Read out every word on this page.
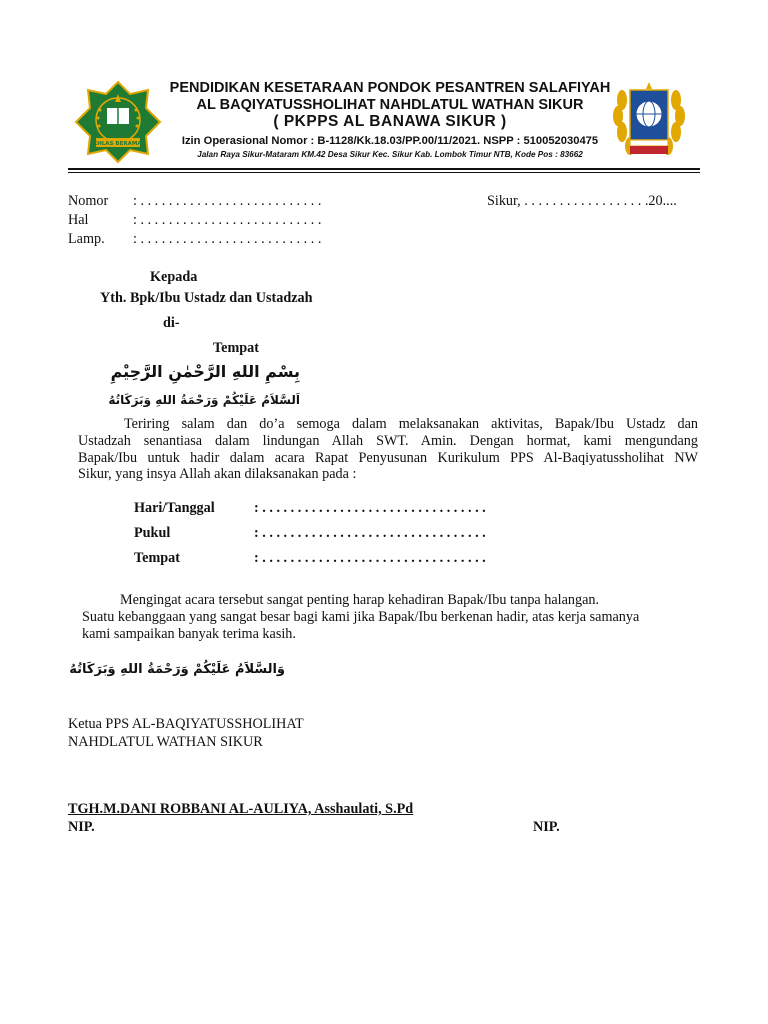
IKHLAS BERAMAL
PENDIDIKAN KESETARAAN PONDOK PESANTREN SALAFIYAH
AL BAQIYATUSSHOLIHAT NAHDLATUL WATHAN SIKUR
( PKPPS AL BANAWA SIKUR )
Izin Operasional Nomor : B-1128/Kk.18.03/PP.00/11/2021. NSPP : 510052030475
Jalan Raya Sikur-Mataram KM.42 Desa Sikur Kec. Sikur Kab. Lombok Timur NTB, Kode Pos : 83662
Nomor : . . . . . . . . . . . . . . . . . . . . . . . . . .
Hal	: . . . . . . . . . . . . . . . . . . . . . . . . . .
Lamp. : . . . . . . . . . . . . . . . . . . . . . . . . . .
Sikur, . . . . . . . . . . . . . . . . . .20....
Kepada
Yth. Bpk/Ibu Ustadz dan Ustadzah
di-
Tempat
بِسْمِ اللهِ الرَّحْمٰنِ الرَّحِيْمِ
اَلسَّلاَمُ عَلَيْكُمْ وَرَحْمَةُ اللهِ وَبَرَكَاتُهُ
Teriring salam dan do’a semoga dalam melaksanakan aktivitas, Bapak/Ibu Ustadz dan
Ustadzah senantiasa dalam lindungan Allah SWT. Amin. Dengan hormat, kami mengundang
Bapak/Ibu untuk hadir dalam acara Rapat Penyusunan Kurikulum PPS Al-Baqiyatussholihat NW
Sikur, yang insya Allah akan dilaksanakan pada :
Hari/Tanggal	: . . . . . . . . . . . . . . . . . . . . . . . . . . . . . . . .
Pukul	: . . . . . . . . . . . . . . . . . . . . . . . . . . . . . . . .
Tempat	: . . . . . . . . . . . . . . . . . . . . . . . . . . . . . . . .
Mengingat acara tersebut sangat penting harap kehadiran Bapak/Ibu tanpa halangan.
Suatu kebanggaan yang sangat besar bagi kami jika Bapak/Ibu berkenan hadir, atas kerja samanya
kami sampaikan banyak terima kasih.
وَالسَّلاَمُ عَلَيْكُمْ وَرَحْمَةُ اللهِ وَبَرَكَاتُهُ
Ketua PPS AL-BAQIYATUSSHOLIHAT
NAHDLATUL WATHAN SIKUR
TGH.M.DANI ROBBANI AL-AULIYA, Asshaulati, S.Pd
NIP.	NIP.
